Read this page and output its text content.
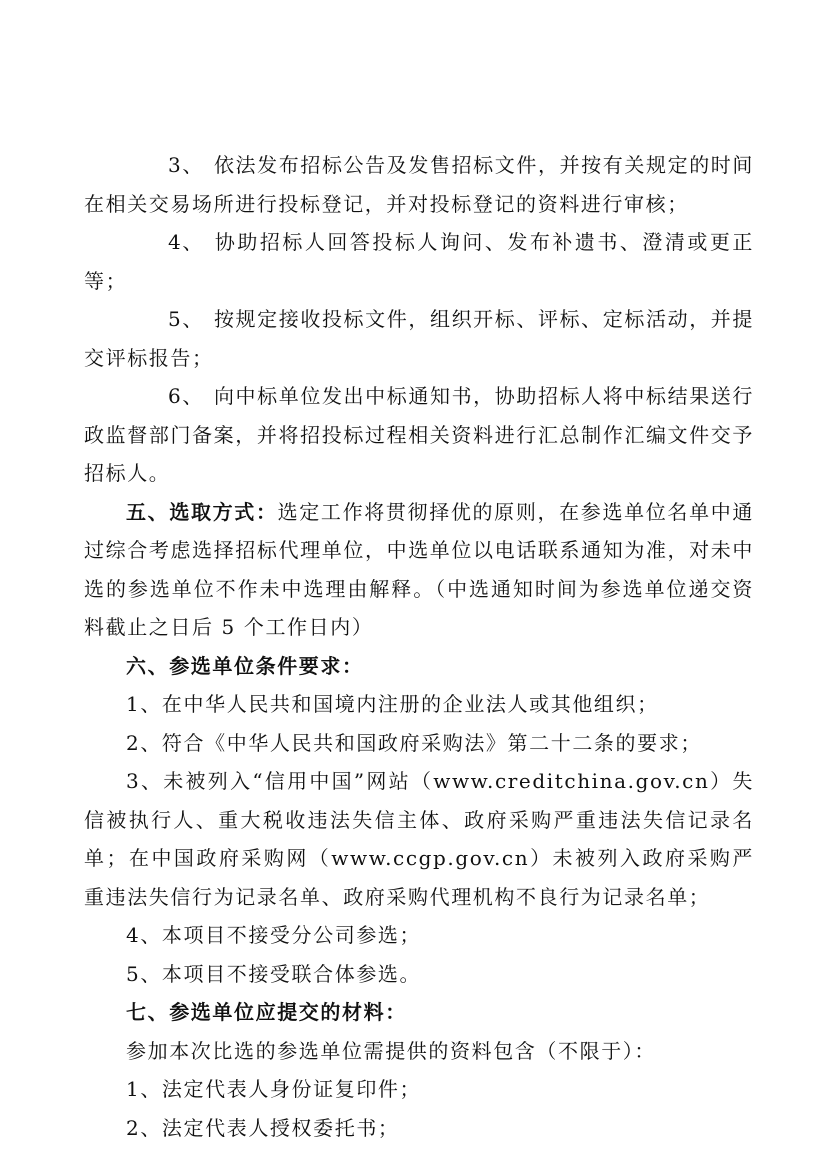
3、 依法发布招标公告及发售招标文件，并按有关规定的时间在相关交易场所进行投标登记，并对投标登记的资料进行审核；

4、 协助招标人回答投标人询问、发布补遗书、澄清或更正等；

5、 按规定接收投标文件，组织开标、评标、定标活动，并提交评标报告；

6、 向中标单位发出中标通知书，协助招标人将中标结果送行政监督部门备案，并将招投标过程相关资料进行汇总制作汇编文件交予招标人。

五、选取方式：选定工作将贯彻择优的原则，在参选单位名单中通过综合考虑选择招标代理单位，中选单位以电话联系通知为准，对未中选的参选单位不作未中选理由解释。（中选通知时间为参选单位递交资料截止之日后 5 个工作日内）

六、参选单位条件要求：

1、在中华人民共和国境内注册的企业法人或其他组织；

2、符合《中华人民共和国政府采购法》第二十二条的要求；

3、未被列入“信用中国”网站（www.creditchina.gov.cn）失信被执行人、重大税收违法失信主体、政府采购严重违法失信记录名单；在中国政府采购网（www.ccgp.gov.cn）未被列入政府采购严重违法失信行为记录名单、政府采购代理机构不良行为记录名单；

4、本项目不接受分公司参选；

5、本项目不接受联合体参选。

七、参选单位应提交的材料：

参加本次比选的参选单位需提供的资料包含（不限于）：

1、法定代表人身份证复印件；

2、法定代表人授权委托书；
